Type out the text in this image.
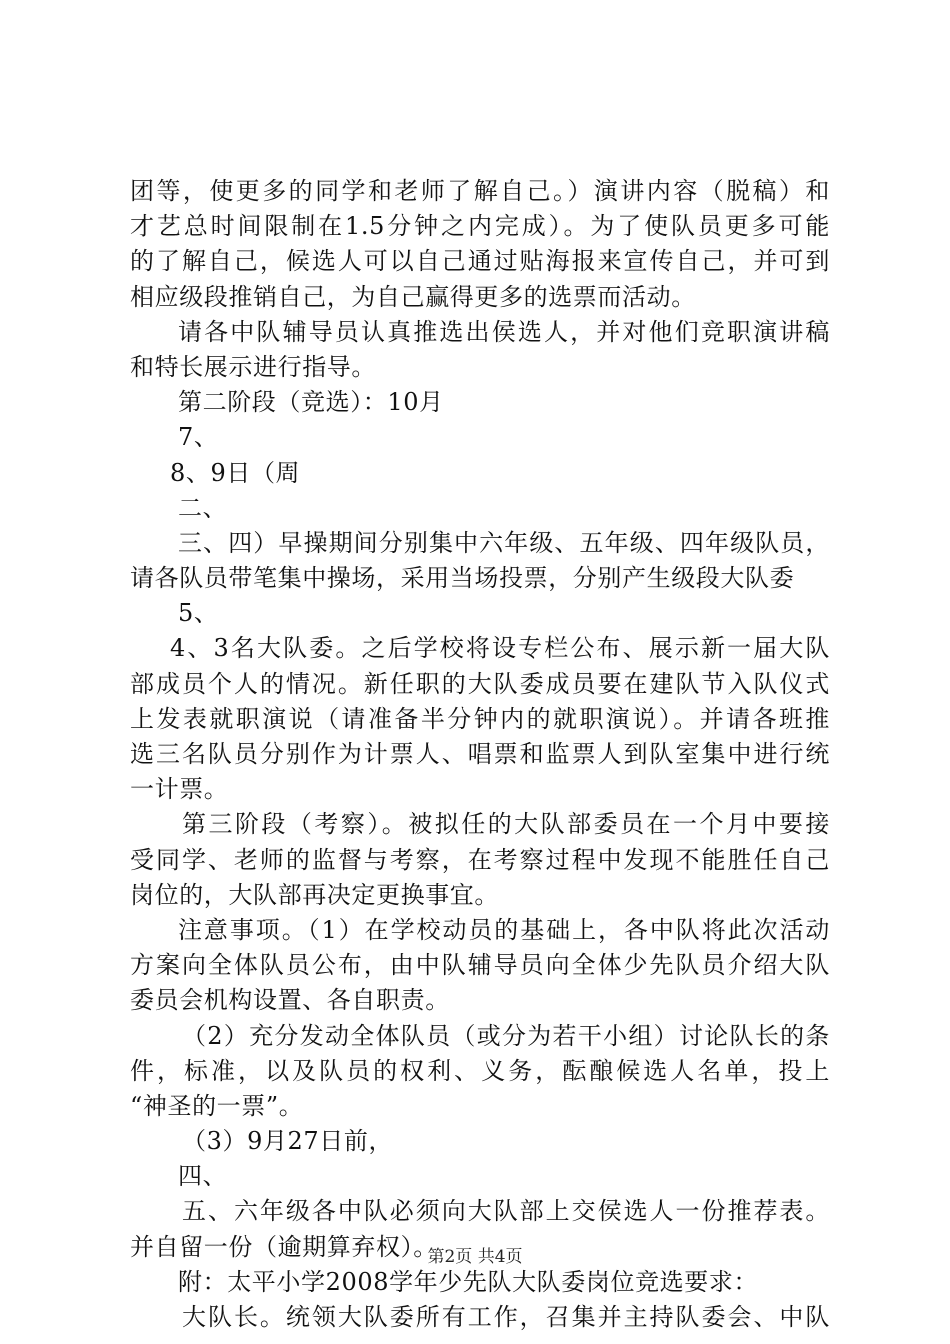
团等，使更多的同学和老师了解自己。）演讲内容（脱稿）和
才艺总时间限制在1.5分钟之内完成）。为了使队员更多可能
的了解自己，候选人可以自己通过贴海报来宣传自己，并可到
相应级段推销自己，为自己赢得更多的选票而活动。
请各中队辅导员认真推选出侯选人，并对他们竞职演讲稿
和特长展示进行指导。
第二阶段（竞选）：10月
7、
8、9日（周
二、
三、四）早操期间分别集中六年级、五年级、四年级队员，
请各队员带笔集中操场，采用当场投票，分别产生级段大队委
5、
4、3名大队委。之后学校将设专栏公布、展示新一届大队
部成员个人的情况。新任职的大队委成员要在建队节入队仪式
上发表就职演说（请准备半分钟内的就职演说）。并请各班推
选三名队员分别作为计票人、唱票和监票人到队室集中进行统
一计票。
第三阶段（考察）。被拟任的大队部委员在一个月中要接
受同学、老师的监督与考察，在考察过程中发现不能胜任自己
岗位的，大队部再决定更换事宜。
注意事项。（1）在学校动员的基础上，各中队将此次活动
方案向全体队员公布，由中队辅导员向全体少先队员介绍大队
委员会机构设置、各自职责。
（2）充分发动全体队员（或分为若干小组）讨论队长的条
件，标准，以及队员的权利、义务，酝酿候选人名单，投上
“神圣的一票”。
（3）9月27日前，
四、
五、六年级各中队必须向大队部上交侯选人一份推荐表。
并自留一份（逾期算弃权）。
附：太平小学2008学年少先队大队委岗位竞选要求：
大队长。统领大队委所有工作，召集并主持队委会、中队
第2页 共4页
